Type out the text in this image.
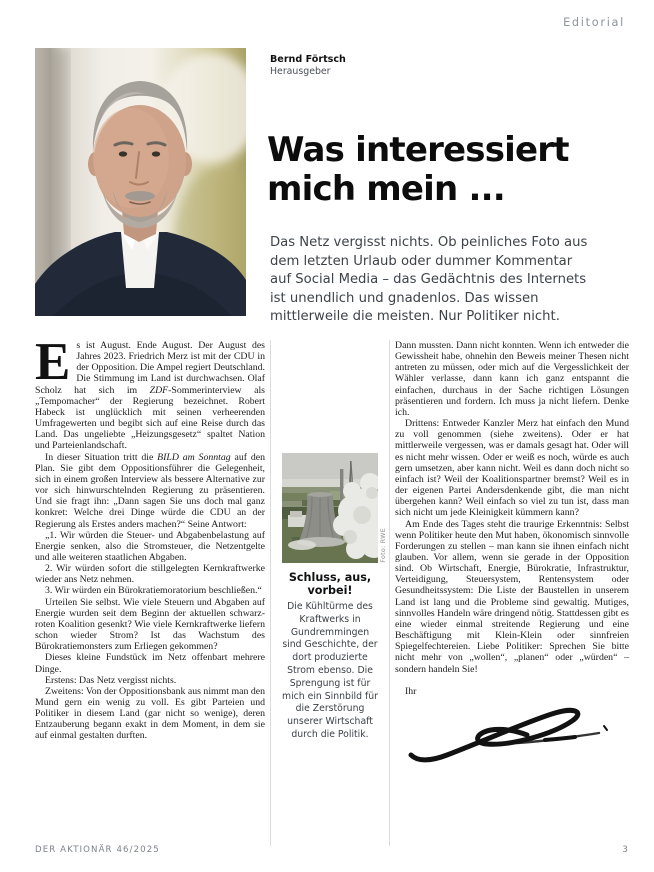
Editorial
Bernd Förtsch
Herausgeber
Was interessiert
mich mein ...

Das Netz vergisst nichts. Ob peinliches Foto aus dem letzten Urlaub oder dummer Kommentar auf Social Media – das Gedächtnis des Internets ist unendlich und gnadenlos. Das wissen mittlerweile die meisten. Nur Politiker nicht.

Es ist August. Ende August. Der August des Jahres 2023. Friedrich Merz ist mit der CDU in der Opposition. Die Ampel regiert Deutschland. Die Stimmung im Land ist durchwachsen. Olaf Scholz hat sich im ZDF-Sommerinterview als „Tempomacher“ der Regierung bezeichnet. Robert Habeck ist unglücklich mit seinen verheerenden Umfragewerten und begibt sich auf eine Reise durch das Land. Das ungeliebte „Heizungsgesetz“ spaltet Nation und Parteienlandschaft.

In dieser Situation tritt die BILD am Sonntag auf den Plan. Sie gibt dem Oppositionsführer die Gelegenheit, sich in einem großen Interview als bessere Alternative zur vor sich hinwurschtelnden Regierung zu präsentieren. Und sie fragt ihn: „Dann sagen Sie uns doch mal ganz konkret: Welche drei Dinge würde die CDU an der Regierung als Erstes anders machen?“ Seine Antwort:

„1. Wir würden die Steuer- und Abgabenbelastung auf Energie senken, also die Stromsteuer, die Netzentgelte und alle weiteren staatlichen Abgaben.

2. Wir würden sofort die stillgelegten Kernkraftwerke wieder ans Netz nehmen.

3. Wir würden ein Bürokratiemoratorium beschließen.“

Urteilen Sie selbst. Wie viele Steuern und Abgaben auf Energie wurden seit dem Beginn der aktuellen schwarz-roten Koalition gesenkt? Wie viele Kernkraftwerke liefern schon wieder Strom? Ist das Wachstum des Bürokratiemonsters zum Erliegen gekommen?

Dieses kleine Fundstück im Netz offenbart mehrere Dinge.

Erstens: Das Netz vergisst nichts.

Zweitens: Von der Oppositionsbank aus nimmt man den Mund gern ein wenig zu voll. Es gibt Parteien und Politiker in diesem Land (gar nicht so wenige), deren Entzauberung begann exakt in dem Moment, in dem sie auf einmal gestalten durften.

Foto: RWE
Schluss, aus, vorbei!
Die Kühltürme des Kraftwerks in Gundremmingen sind Geschichte, der dort produzierte Strom ebenso. Die Sprengung ist für mich ein Sinnbild für die Zerstörung unserer Wirtschaft durch die Politik.

Dann mussten. Dann nicht konnten. Wenn ich entweder die Gewissheit habe, ohnehin den Beweis meiner Thesen nicht antreten zu müssen, oder mich auf die Vergesslichkeit der Wähler verlasse, dann kann ich ganz entspannt die einfachen, durchaus in der Sache richtigen Lösungen präsentieren und fordern. Ich muss ja nicht liefern. Denke ich.

Drittens: Entweder Kanzler Merz hat einfach den Mund zu voll genommen (siehe zweitens). Oder er hat mittlerweile vergessen, was er damals gesagt hat. Oder will es nicht mehr wissen. Oder er weiß es noch, würde es auch gern umsetzen, aber kann nicht. Weil es dann doch nicht so einfach ist? Weil der Koalitionspartner bremst? Weil es in der eigenen Partei Andersdenkende gibt, die man nicht übergehen kann? Weil einfach so viel zu tun ist, dass man sich nicht um jede Kleinigkeit kümmern kann?

Am Ende des Tages steht die traurige Erkenntnis: Selbst wenn Politiker heute den Mut haben, ökonomisch sinnvolle Forderungen zu stellen – man kann sie ihnen einfach nicht glauben. Vor allem, wenn sie gerade in der Opposition sind. Ob Wirtschaft, Energie, Bürokratie, Infrastruktur, Verteidigung, Steuersystem, Rentensystem oder Gesundheitssystem: Die Liste der Baustellen in unserem Land ist lang und die Probleme sind gewaltig. Mutiges, sinnvolles Handeln wäre dringend nötig. Stattdessen gibt es eine wieder einmal streitende Regierung und eine Beschäftigung mit Klein-Klein oder sinnfreien Spiegelfechtereien. Liebe Politiker: Sprechen Sie bitte nicht mehr von „wollen“, „planen“ oder „würden“ – sondern handeln Sie!

Ihr

DER AKTIONÄR 46/2025	3
